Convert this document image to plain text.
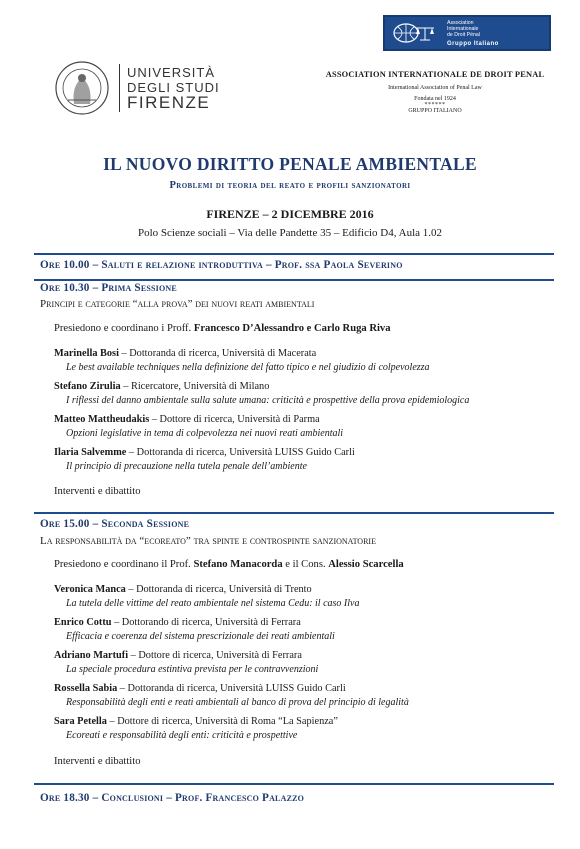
Association
Internationale
de Droit Pénal
Gruppo Italiano
UNIVERSITÀ
DEGLI STUDI
FIRENZE
ASSOCIATION INTERNATIONALE DE DROIT PENAL
International Association of Penal Law
Fondata nel 1924
******
GRUPPO ITALIANO
IL NUOVO DIRITTO PENALE AMBIENTALE
Problemi di teoria del reato e profili sanzionatori
FIRENZE – 2 DICEMBRE 2016
Polo Scienze sociali – Via delle Pandette 35 – Edificio D4, Aula 1.02
Ore 10.00 – Saluti e relazione introduttiva – Prof. ssa Paola Severino
Ore 10.30 – Prima Sessione
Principi e categorie “alla prova” dei nuovi reati ambientali
Presiedono e coordinano i Proff. Francesco D’Alessandro e Carlo Ruga Riva
Marinella Bosi – Dottoranda di ricerca, Università di Macerata
Le best available techniques nella definizione del fatto tipico e nel giudizio di colpevolezza
Stefano Zirulia – Ricercatore, Università di Milano
I riflessi del danno ambientale sulla salute umana: criticità e prospettive della prova epidemiologica
Matteo Mattheudakis – Dottore di ricerca, Università di Parma
Opzioni legislative in tema di colpevolezza nei nuovi reati ambientali
Ilaria Salvemme – Dottoranda di ricerca, Università LUISS Guido Carli
Il principio di precauzione nella tutela penale dell’ambiente
Interventi e dibattito
Ore 15.00 – Seconda Sessione
La responsabilità da “ecoreato” tra spinte e controspinte sanzionatorie
Presiedono e coordinano il Prof. Stefano Manacorda e il Cons. Alessio Scarcella
Veronica Manca – Dottoranda di ricerca, Università di Trento
La tutela delle vittime del reato ambientale nel sistema Cedu: il caso Ilva
Enrico Cottu – Dottorando di ricerca, Università di Ferrara
Efficacia e coerenza del sistema prescrizionale dei reati ambientali
Adriano Martufi – Dottore di ricerca, Università di Ferrara
La speciale procedura estintiva prevista per le contravvenzioni
Rossella Sabia – Dottoranda di ricerca, Università LUISS Guido Carli
Responsabilità degli enti e reati ambientali al banco di prova del principio di legalità
Sara Petella – Dottore di ricerca, Università di Roma “La Sapienza”
Ecoreati e responsabilità degli enti: criticità e prospettive
Interventi e dibattito
Ore 18.30 – Conclusioni – Prof. Francesco Palazzo
